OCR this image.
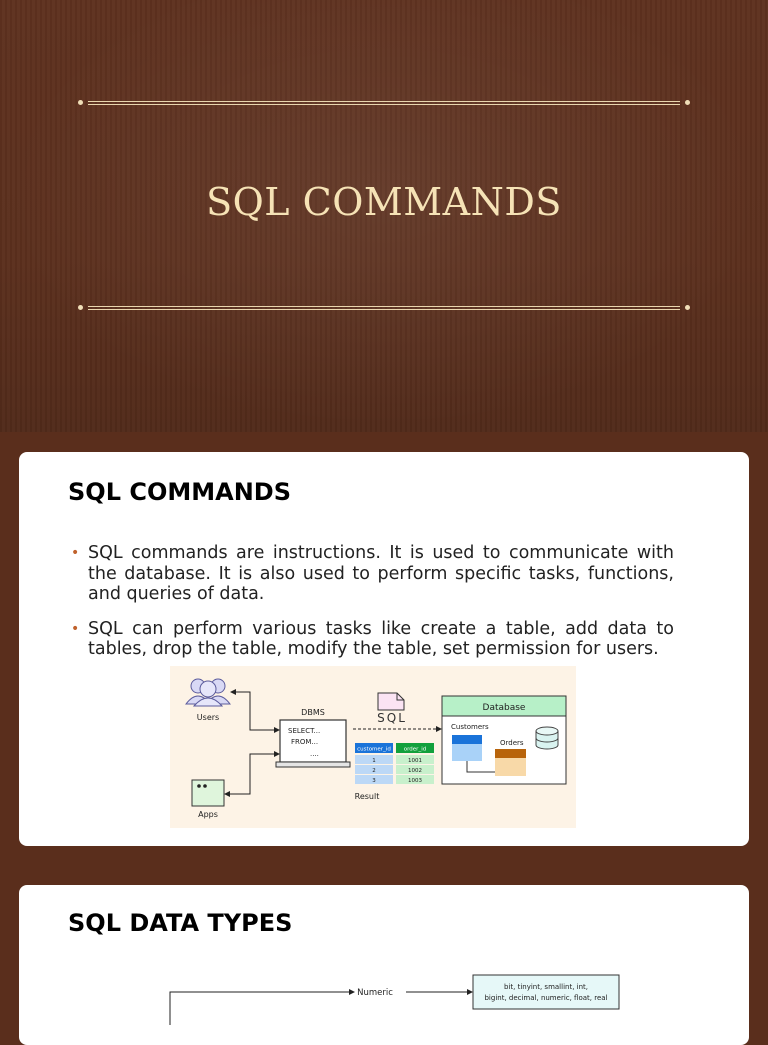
SQL COMMANDS
SQL COMMANDS
• SQL commands are instructions. It is used to communicate with the database. It is also used to perform specific tasks, functions, and queries of data.
• SQL can perform various tasks like create a table, add data to tables, drop the table, modify the table, set permission for users.
Users
Apps
DBMS
SELECT...
FROM...
....
SQL
customer_id order_id
1	1001
2	1002
3	1003
Result
Database
Customers
Orders
SQL DATA TYPES
Numeric
bit, tinyint, smallint, int,
bigint, decimal, numeric, float, real
